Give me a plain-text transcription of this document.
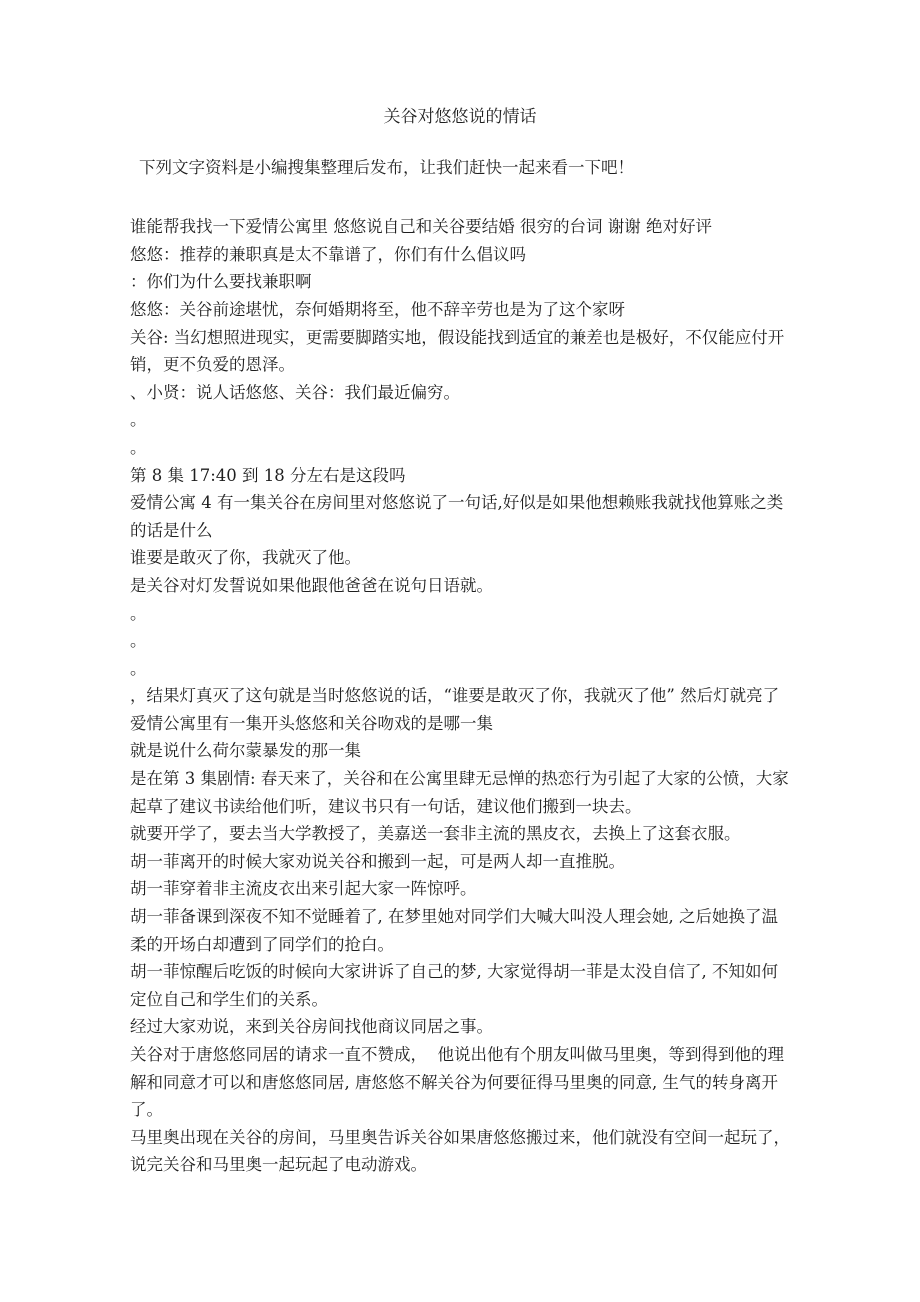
关谷对悠悠说的情话

下列文字资料是小编搜集整理后发布，让我们赶快一起来看一下吧！

谁能帮我找一下爱情公寓里 悠悠说自己和关谷要结婚 很穷的台词 谢谢 绝对好评

悠悠：推荐的兼职真是太不靠谱了，你们有什么倡议吗

：你们为什么要找兼职啊

悠悠：关谷前途堪忧，奈何婚期将至，他不辞辛劳也是为了这个家呀

关谷: 当幻想照进现实，更需要脚踏实地，假设能找到适宜的兼差也是极好，不仅能应付开销，更不负爱的恩泽。

、小贤：说人话悠悠、关谷：我们最近偏穷。

。

。

第 8 集 17:40 到 18 分左右是这段吗

爱情公寓 4 有一集关谷在房间里对悠悠说了一句话,好似是如果他想赖账我就找他算账之类的话是什么

谁要是敢灭了你，我就灭了他。

是关谷对灯发誓说如果他跟他爸爸在说句日语就。

。

。

。

，结果灯真灭了这句就是当时悠悠说的话，“谁要是敢灭了你，我就灭了他” 然后灯就亮了

爱情公寓里有一集开头悠悠和关谷吻戏的是哪一集

就是说什么荷尔蒙暴发的那一集

是在第 3 集剧情: 春天来了，关谷和在公寓里肆无忌惮的热恋行为引起了大家的公愤，大家起草了建议书读给他们听，建议书只有一句话，建议他们搬到一块去。

就要开学了，要去当大学教授了，美嘉送一套非主流的黑皮衣，去换上了这套衣服。

胡一菲离开的时候大家劝说关谷和搬到一起，可是两人却一直推脱。

胡一菲穿着非主流皮衣出来引起大家一阵惊呼。

胡一菲备课到深夜不知不觉睡着了, 在梦里她对同学们大喊大叫没人理会她, 之后她换了温柔的开场白却遭到了同学们的抢白。

胡一菲惊醒后吃饭的时候向大家讲诉了自己的梦, 大家觉得胡一菲是太没自信了, 不知如何定位自己和学生们的关系。

经过大家劝说，来到关谷房间找他商议同居之事。

关谷对于唐悠悠同居的请求一直不赞成，  他说出他有个朋友叫做马里奥，等到得到他的理解和同意才可以和唐悠悠同居, 唐悠悠不解关谷为何要征得马里奥的同意, 生气的转身离开了。

马里奥出现在关谷的房间，马里奥告诉关谷如果唐悠悠搬过来，他们就没有空间一起玩了，说完关谷和马里奥一起玩起了电动游戏。
